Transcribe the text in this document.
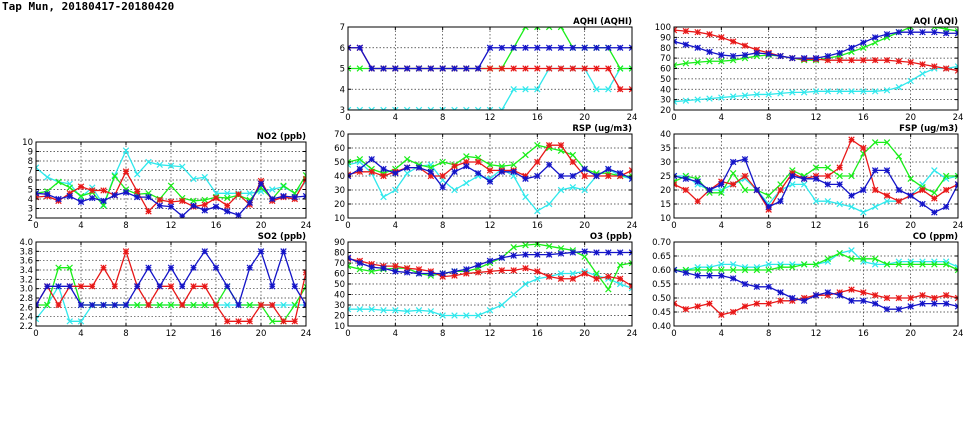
Tap Mun, 20180417-20180420
0	4	8	12	16	20	24
2
3
4
5
6
7
8
9
10
NO2 (ppb)
0	4	8	12	16	20	24
2.2
2.4
2.6
2.8
3.0
3.2
3.4
3.6
3.8
4.0
SO2 (ppb)
0	4	8	12	16	20	24
3
4
5
6
7
AQHI (AQHI)
0	4	8	12	16	20	24
10
20
30
40
50
60
70
RSP (ug/m3)
0	4	8	12	16	20	24
10
20
30
40
50
60
70
80
90
O3 (ppb)
0	4	8	12	16	20	24
20
30
40
50
60
70
80
90
100
AQI (AQI)
0	4	8	12	16	20	24
10
15
20
25
30
35
40
FSP (ug/m3)
0	4	8	12	16	20	24
0.40
0.45
0.50
0.55
0.60
0.65
0.70
CO (ppm)
